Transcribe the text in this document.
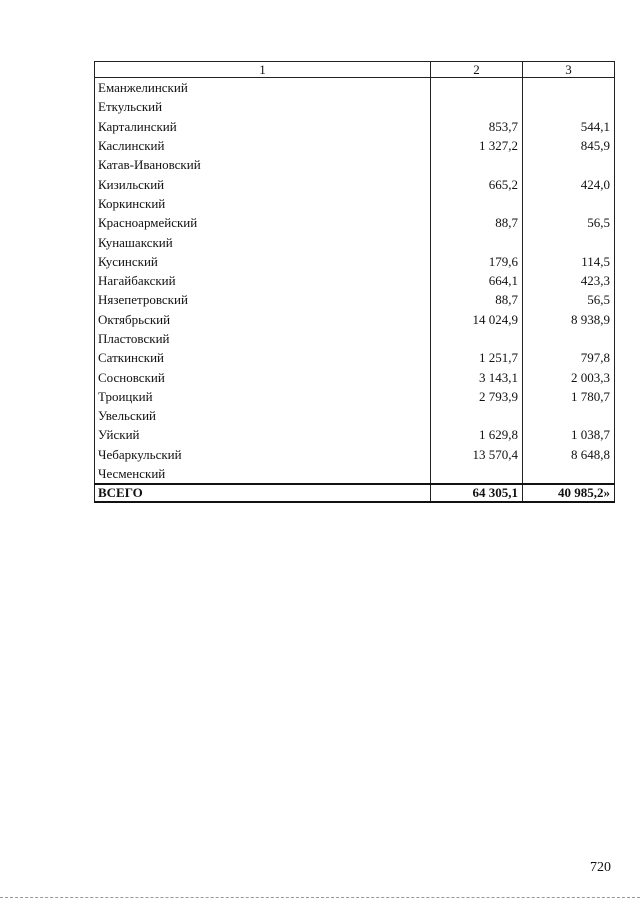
1	2	3
Еманжелинский		
Еткульский		
Карталинский	853,7	544,1
Каслинский	1 327,2	845,9
Катав-Ивановский		
Кизильский	665,2	424,0
Коркинский		
Красноармейский	88,7	56,5
Кунашакский		
Кусинский	179,6	114,5
Нагайбакский	664,1	423,3
Нязепетровский	88,7	56,5
Октябрьский	14 024,9	8 938,9
Пластовский		
Саткинский	1 251,7	797,8
Сосновский	3 143,1	2 003,3
Троицкий	2 793,9	1 780,7
Увельский		
Уйский	1 629,8	1 038,7
Чебаркульский	13 570,4	8 648,8
Чесменский		
ВСЕГО	64 305,1	40 985,2»
720
